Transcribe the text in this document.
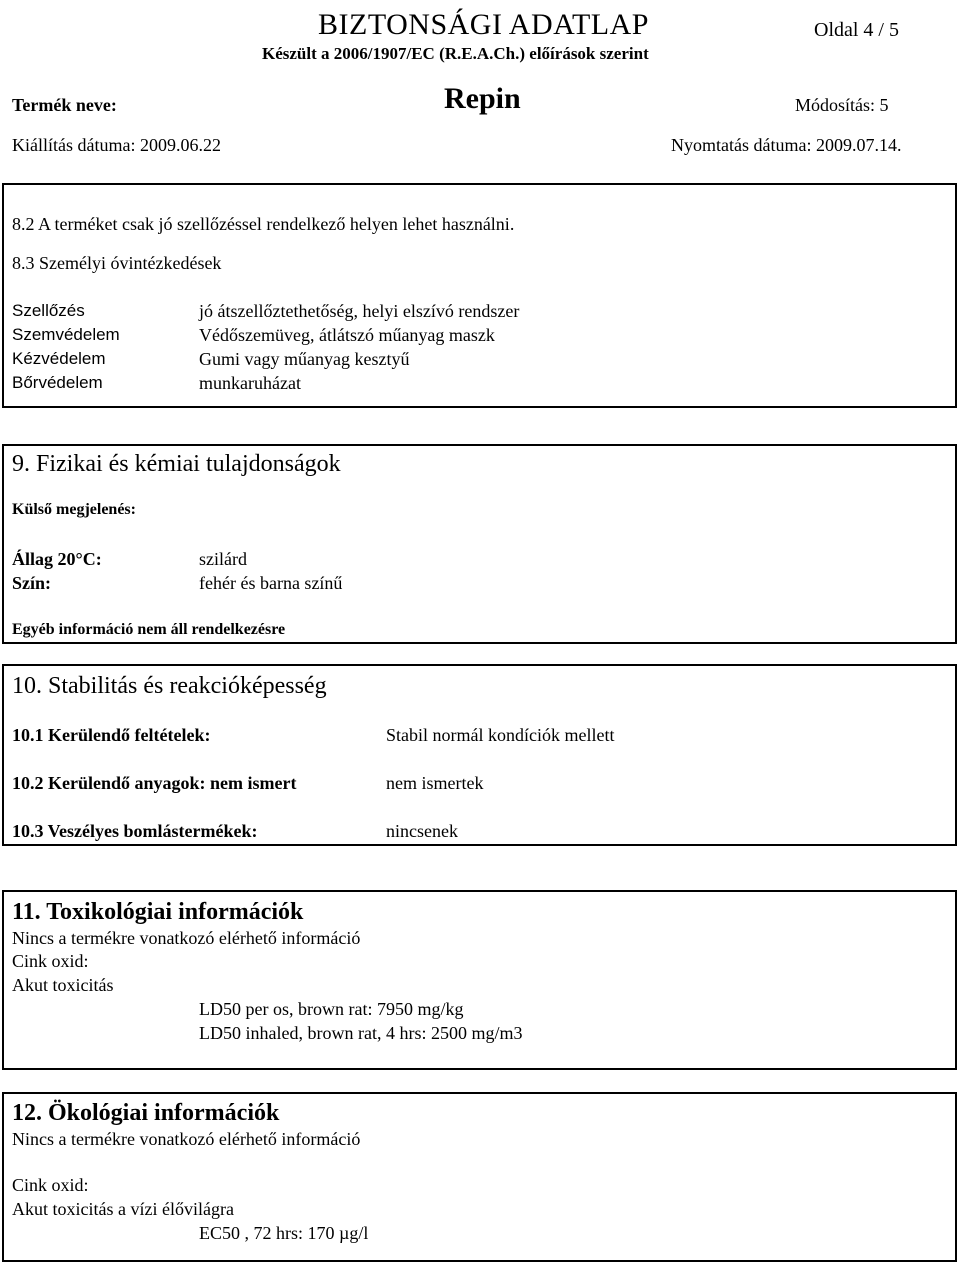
BIZTONSÁGI ADATLAP	Oldal 4 / 5
Készült a 2006/1907/EC (R.E.A.Ch.) előírások szerint
Termék neve:	Repin	Módosítás: 5
Kiállítás dátuma: 2009.06.22	Nyomtatás dátuma: 2009.07.14.
8.2 A terméket csak jó szellőzéssel rendelkező helyen lehet használni.
8.3 Személyi óvintézkedések
Szellőzés	jó átszellőztethetőség, helyi elszívó rendszer
Szemvédelem	Védőszemüveg, átlátszó műanyag maszk
Kézvédelem	Gumi vagy műanyag kesztyű
Bőrvédelem	munkaruházat
9. Fizikai és kémiai tulajdonságok
Külső megjelenés:
Állag 20°C:	szilárd
Szín:	fehér és barna színű
Egyéb információ nem áll rendelkezésre
10. Stabilitás és reakcióképesség
10.1 Kerülendő feltételek:	Stabil normál kondíciók mellett
10.2 Kerülendő anyagok: nem ismert	nem ismertek
10.3 Veszélyes bomlástermékek:	nincsenek
11. Toxikológiai információk
Nincs a termékre vonatkozó elérhető információ
Cink oxid:
Akut toxicitás
LD50 per os, brown rat: 7950 mg/kg
LD50 inhaled, brown rat, 4 hrs: 2500 mg/m3
12. Ökológiai információk
Nincs a termékre vonatkozó elérhető információ
Cink oxid:
Akut toxicitás a vízi élővilágra
EC50 , 72 hrs: 170 µg/l
